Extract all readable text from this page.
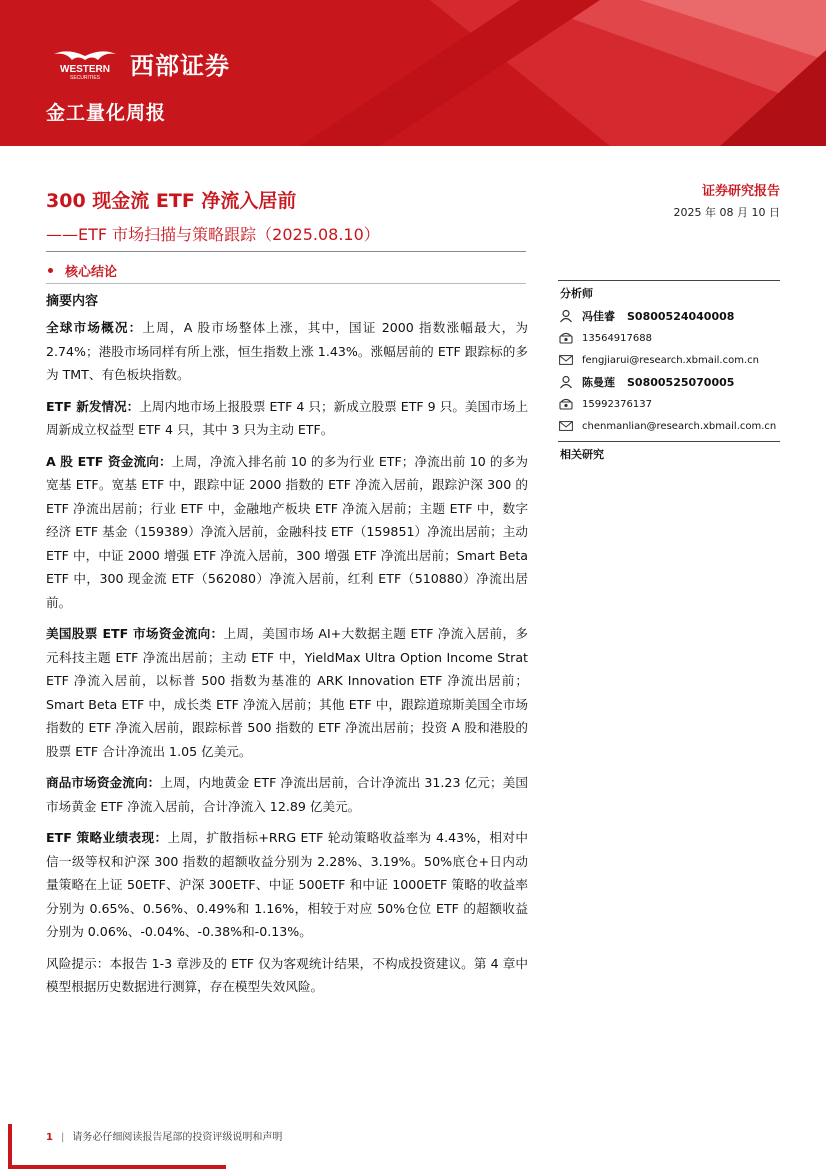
WESTERN
SECURITIES 西部证券
金工量化周报
300 现金流 ETF 净流入居前
——ETF 市场扫描与策略跟踪（2025.08.10）
证券研究报告
2025 年 08 月 10 日
核心结论
摘要内容

全球市场概况：上周，A 股市场整体上涨，其中，国证 2000 指数涨幅最大，为 2.74%；港股市场同样有所上涨，恒生指数上涨 1.43%。涨幅居前的 ETF 跟踪标的多为 TMT、有色板块指数。

ETF 新发情况：上周内地市场上报股票 ETF 4 只；新成立股票 ETF 9 只。美国市场上周新成立权益型 ETF 4 只，其中 3 只为主动 ETF。

A 股 ETF 资金流向：上周，净流入排名前 10 的多为行业 ETF；净流出前 10 的多为宽基 ETF。宽基 ETF 中，跟踪中证 2000 指数的 ETF 净流入居前，跟踪沪深 300 的 ETF 净流出居前；行业 ETF 中，金融地产板块 ETF 净流入居前；主题 ETF 中，数字经济 ETF 基金（159389）净流入居前，金融科技 ETF（159851）净流出居前；主动 ETF 中，中证 2000 增强 ETF 净流入居前，300 增强 ETF 净流出居前；Smart Beta ETF 中，300 现金流 ETF（562080）净流入居前，红利 ETF（510880）净流出居前。

美国股票 ETF 市场资金流向：上周，美国市场 AI+大数据主题 ETF 净流入居前，多元科技主题 ETF 净流出居前；主动 ETF 中，YieldMax Ultra Option Income Strat ETF 净流入居前，以标普 500 指数为基准的 ARK Innovation ETF 净流出居前；Smart Beta ETF 中，成长类 ETF 净流入居前；其他 ETF 中，跟踪道琼斯美国全市场指数的 ETF 净流入居前，跟踪标普 500 指数的 ETF 净流出居前；投资 A 股和港股的股票 ETF 合计净流出 1.05 亿美元。

商品市场资金流向：上周，内地黄金 ETF 净流出居前，合计净流出 31.23 亿元；美国市场黄金 ETF 净流入居前，合计净流入 12.89 亿美元。

ETF 策略业绩表现：上周，扩散指标+RRG ETF 轮动策略收益率为 4.43%，相对中信一级等权和沪深 300 指数的超额收益分别为 2.28%、3.19%。50%底仓+日内动量策略在上证 50ETF、沪深 300ETF、中证 500ETF 和中证 1000ETF 策略的收益率分别为 0.65%、0.56%、0.49%和 1.16%，相较于对应 50%仓位 ETF 的超额收益分别为 0.06%、-0.04%、-0.38%和-0.13%。

风险提示：本报告 1-3 章涉及的 ETF 仅为客观统计结果，不构成投资建议。第 4 章中模型根据历史数据进行测算，存在模型失效风险。

分析师
冯佳睿 S0800524040008
13564917688
fengjiarui@research.xbmail.com.cn
陈曼莲 S0800525070005
15992376137
chenmanlian@research.xbmail.com.cn
相关研究
1 | 请务必仔细阅读报告尾部的投资评级说明和声明
